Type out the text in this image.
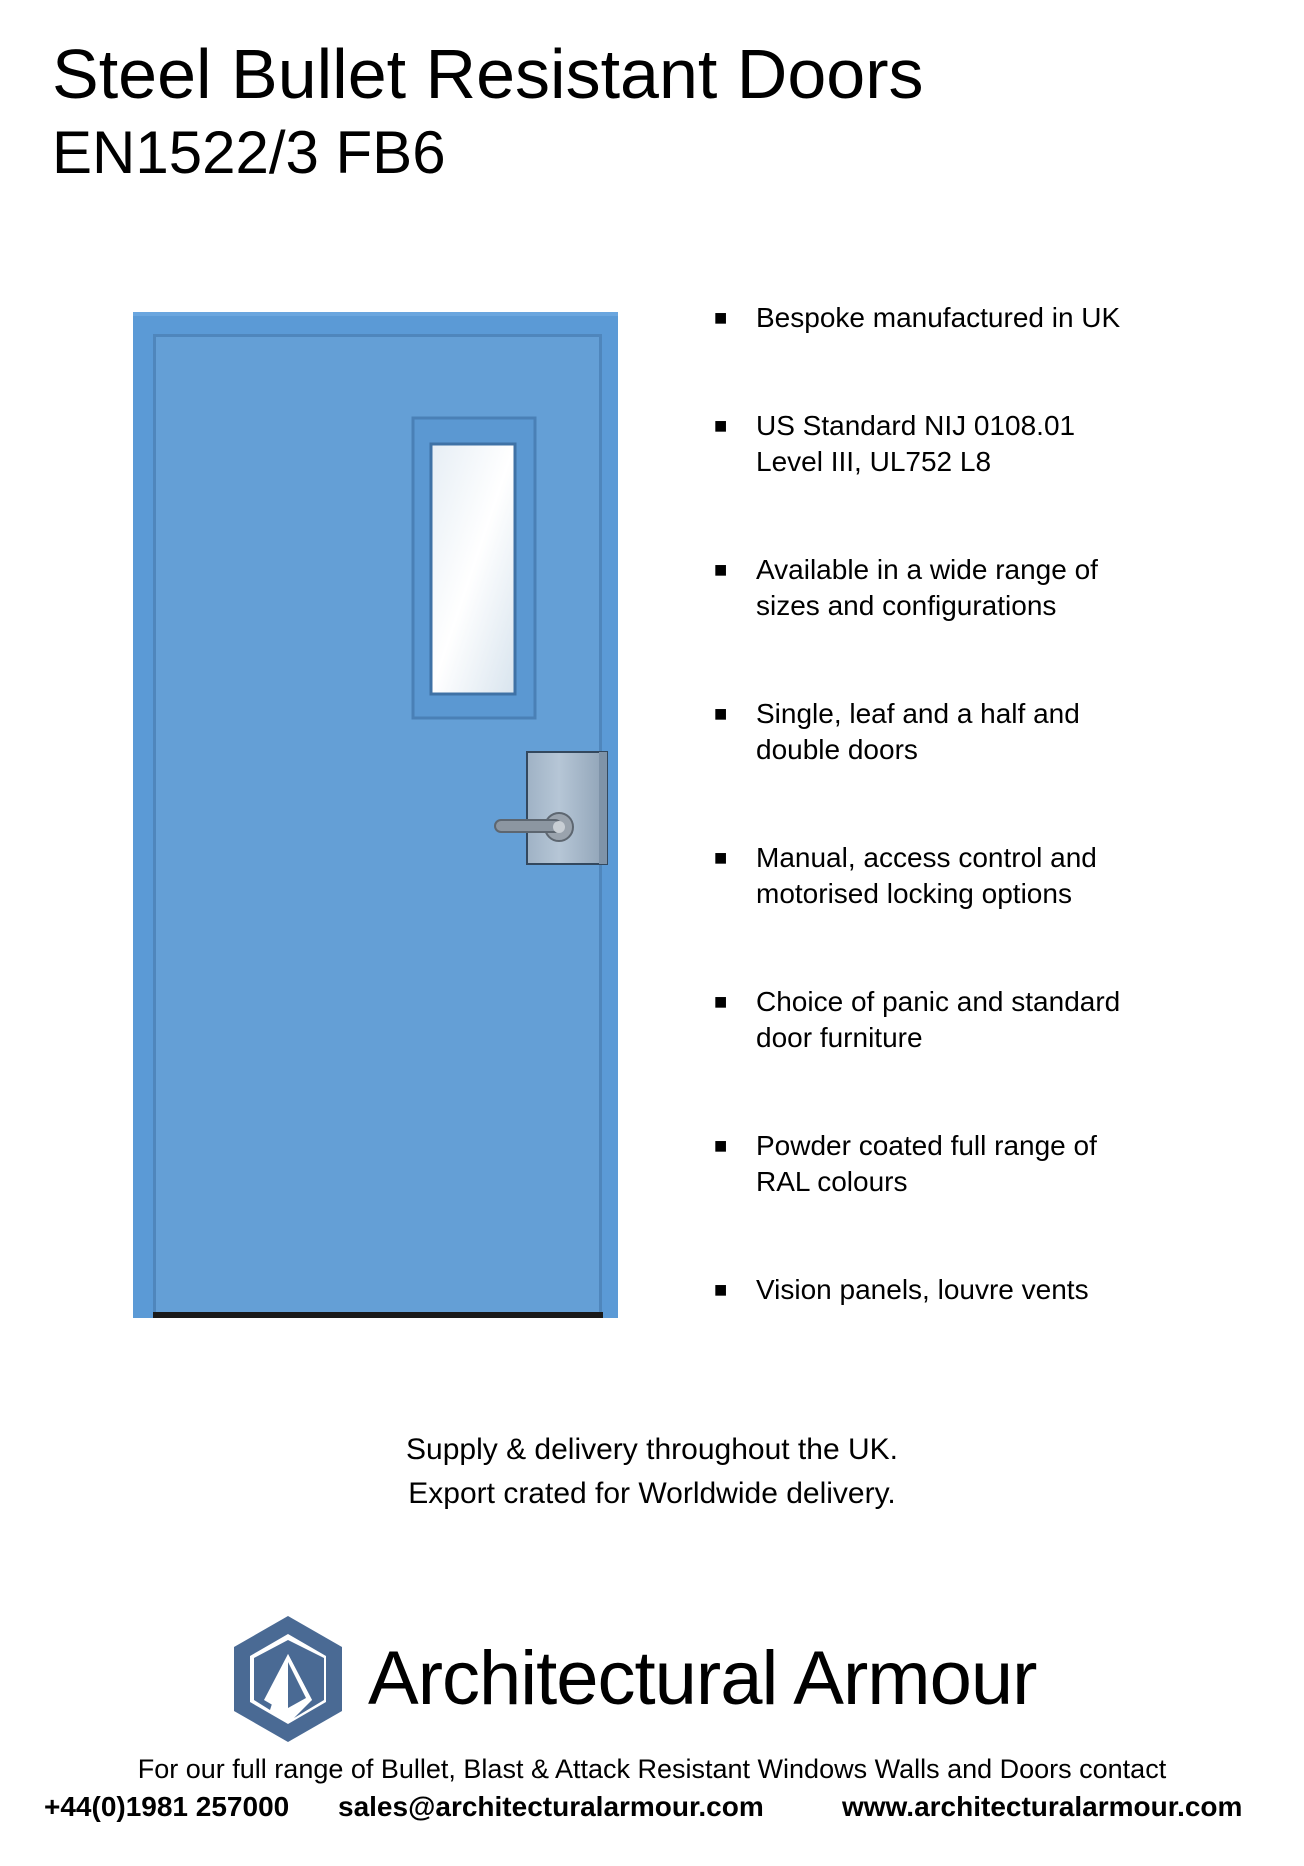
Steel Bullet Resistant Doors
EN1522/3 FB6
■ Bespoke manufactured in UK
■ US Standard NIJ 0108.01
Level III, UL752 L8
■ Available in a wide range of
sizes and configurations
■ Single, leaf and a half and
double doors
■ Manual, access control and
motorised locking options
■ Choice of panic and standard
door furniture
■ Powder coated full range of
RAL colours
■ Vision panels, louvre vents
Supply & delivery throughout the UK.
Export crated for Worldwide delivery.
Architectural Armour
For our full range of Bullet, Blast & Attack Resistant Windows Walls and Doors contact
+44(0)1981 257000 sales@architecturalarmour.com	www.architecturalarmour.com
